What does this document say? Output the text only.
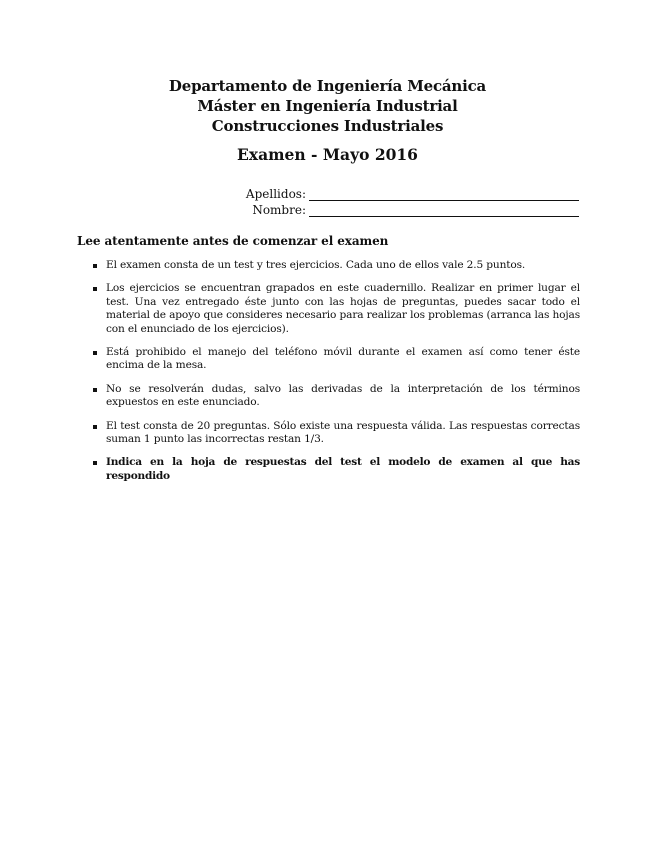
Departamento de Ingeniería Mecánica
Máster en Ingeniería Industrial
Construcciones Industriales
Examen - Mayo 2016
Apellidos:
Nombre:
Lee atentamente antes de comenzar el examen
El examen consta de un test y tres ejercicios. Cada uno de ellos vale 2.5 puntos.
Los ejercicios se encuentran grapados en este cuadernillo. Realizar en primer lugar el test. Una vez entregado éste junto con las hojas de preguntas, puedes sacar todo el material de apoyo que consideres necesario para realizar los problemas (arranca las hojas con el enunciado de los ejercicios).
Está prohibido el manejo del teléfono móvil durante el examen así como tener éste encima de la mesa.
No se resolverán dudas, salvo las derivadas de la interpretación de los términos expuestos en este enunciado.
El test consta de 20 preguntas. Sólo existe una respuesta válida. Las respuestas correctas suman 1 punto las incorrectas restan 1/3.
Indica en la hoja de respuestas del test el modelo de examen al que has respondido
